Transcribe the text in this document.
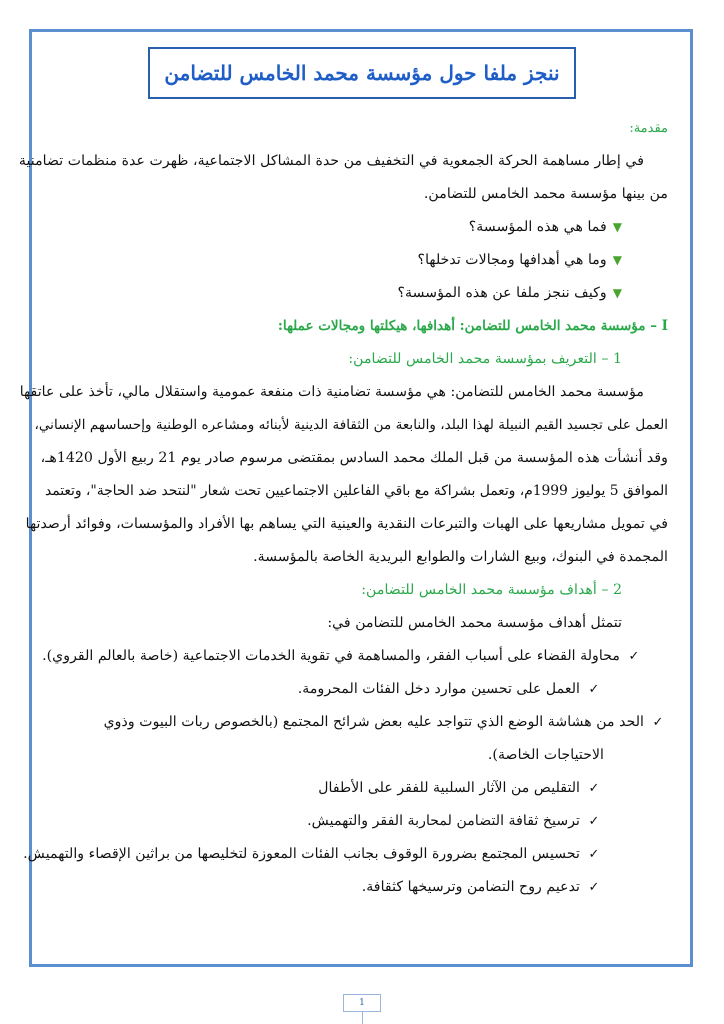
ننجز ملفا حول مؤسسة محمد الخامس للتضامن
مقدمة:
في إطار مساهمة الحركة الجمعوية في التخفيف من حدة المشاكل الاجتماعية، ظهرت عدة منظمات تضامنية
من بينها مؤسسة محمد الخامس للتضامن.
▼فما هي هذه المؤسسة؟
▼وما هي أهدافها ومجالات تدخلها؟
▼وكيف ننجز ملفا عن هذه المؤسسة؟
I – مؤسسة محمد الخامس للتضامن: أهدافها، هيكلتها ومجالات عملها:
1 – التعريف بمؤسسة محمد الخامس للتضامن:
مؤسسة محمد الخامس للتضامن: هي مؤسسة تضامنية ذات منفعة عمومية واستقلال مالي، تأخذ على عاتقها
العمل على تجسيد القيم النبيلة لهذا البلد، والنابعة من الثقافة الدينية لأبنائه ومشاعره الوطنية وإحساسهم الإنساني،
وقد أنشأت هذه المؤسسة من قبل الملك محمد السادس بمقتضى مرسوم صادر يوم 21 ربيع الأول 1420هـ،
الموافق 5 يوليوز 1999م، وتعمل بشراكة مع باقي الفاعلين الاجتماعيين تحت شعار "لنتحد ضد الحاجة"، وتعتمد
في تمويل مشاريعها على الهبات والتبرعات النقدية والعينية التي يساهم بها الأفراد والمؤسسات، وفوائد أرصدتها
المجمدة في البنوك، وبيع الشارات والطوابع البريدية الخاصة بالمؤسسة.
2 – أهداف مؤسسة محمد الخامس للتضامن:
تتمثل أهداف مؤسسة محمد الخامس للتضامن في:
✓محاولة القضاء على أسباب الفقر، والمساهمة في تقوية الخدمات الاجتماعية (خاصة بالعالم القروي).
✓العمل على تحسين موارد دخل الفئات المحرومة.
✓الحد من هشاشة الوضع الذي تتواجد عليه بعض شرائح المجتمع (بالخصوص ربات البيوت وذوي
الاحتياجات الخاصة).
✓التقليص من الآثار السلبية للفقر على الأطفال
✓ترسيخ ثقافة التضامن لمحاربة الفقر والتهميش.
✓تحسيس المجتمع بضرورة الوقوف بجانب الفئات المعوزة لتخليصها من براثين الإقصاء والتهميش.
✓تدعيم روح التضامن وترسيخها كثقافة.
1
